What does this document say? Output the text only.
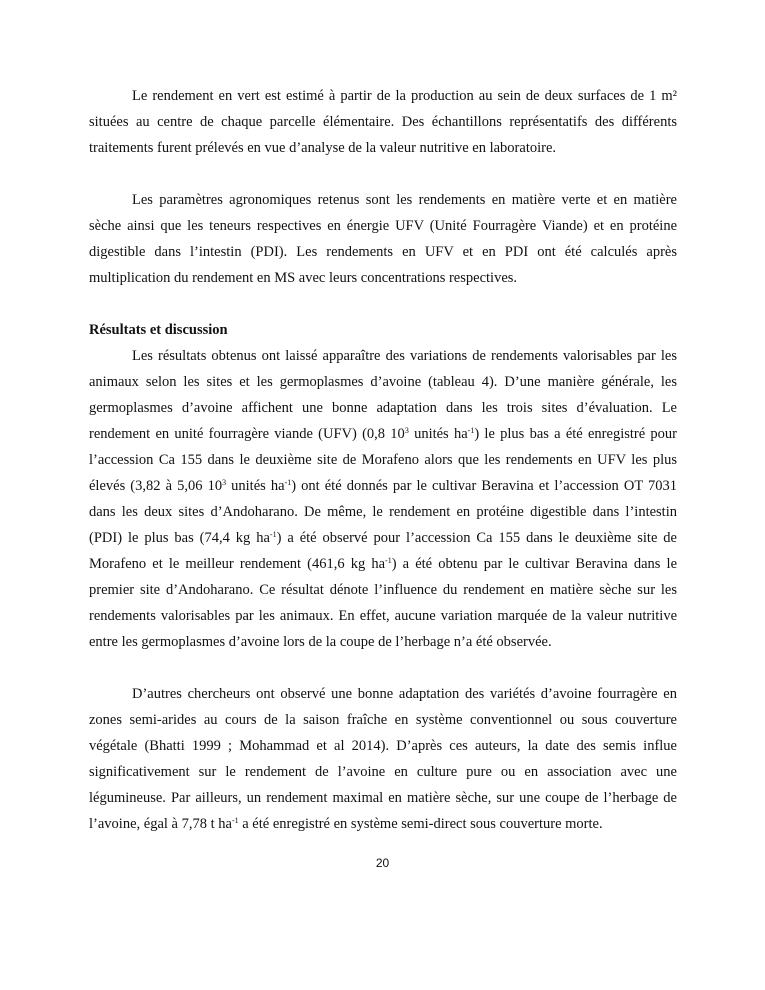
Le rendement en vert est estimé à partir de la production au sein de deux surfaces de 1 m² situées au centre de chaque parcelle élémentaire. Des échantillons représentatifs des différents traitements furent prélevés en vue d’analyse de la valeur nutritive en laboratoire.

Les paramètres agronomiques retenus sont les rendements en matière verte et en matière sèche ainsi que les teneurs respectives en énergie UFV (Unité Fourragère Viande) et en protéine digestible dans l’intestin (PDI). Les rendements en UFV et en PDI ont été calculés après multiplication du rendement en MS avec leurs concentrations respectives.

Résultats et discussion

Les résultats obtenus ont laissé apparaître des variations de rendements valorisables par les animaux selon les sites et les germoplasmes d’avoine (tableau 4). D’une manière générale, les germoplasmes d’avoine affichent une bonne adaptation dans les trois sites d’évaluation. Le rendement en unité fourragère viande (UFV) (0,8 $10^3$ unités $ha^{-1}$) le plus bas a été enregistré pour l’accession Ca 155 dans le deuxième site de Morafeno alors que les rendements en UFV les plus élevés (3,82 à 5,06 $10^3$ unités $ha^{-1}$) ont été donnés par le cultivar Beravina et l’accession OT 7031 dans les deux sites d’Andoharano. De même, le rendement en protéine digestible dans l’intestin (PDI) le plus bas (74,4 kg $ha^{-1}$) a été observé pour l’accession Ca 155 dans le deuxième site de Morafeno et le meilleur rendement (461,6 kg $ha^{-1}$) a été obtenu par le cultivar Beravina dans le premier site d’Andoharano. Ce résultat dénote l’influence du rendement en matière sèche sur les rendements valorisables par les animaux. En effet, aucune variation marquée de la valeur nutritive entre les germoplasmes d’avoine lors de la coupe de l’herbage n’a été observée.

D’autres chercheurs ont observé une bonne adaptation des variétés d’avoine fourragère en zones semi-arides au cours de la saison fraîche en système conventionnel ou sous couverture végétale (Bhatti 1999 ; Mohammad et al 2014). D’après ces auteurs, la date des semis influe significativement sur le rendement de l’avoine en culture pure ou en association avec une légumineuse. Par ailleurs, un rendement maximal en matière sèche, sur une coupe de l’herbage de l’avoine, égal à 7,78 t $ha^{-1}$ a été enregistré en système semi-direct sous couverture morte.

20
